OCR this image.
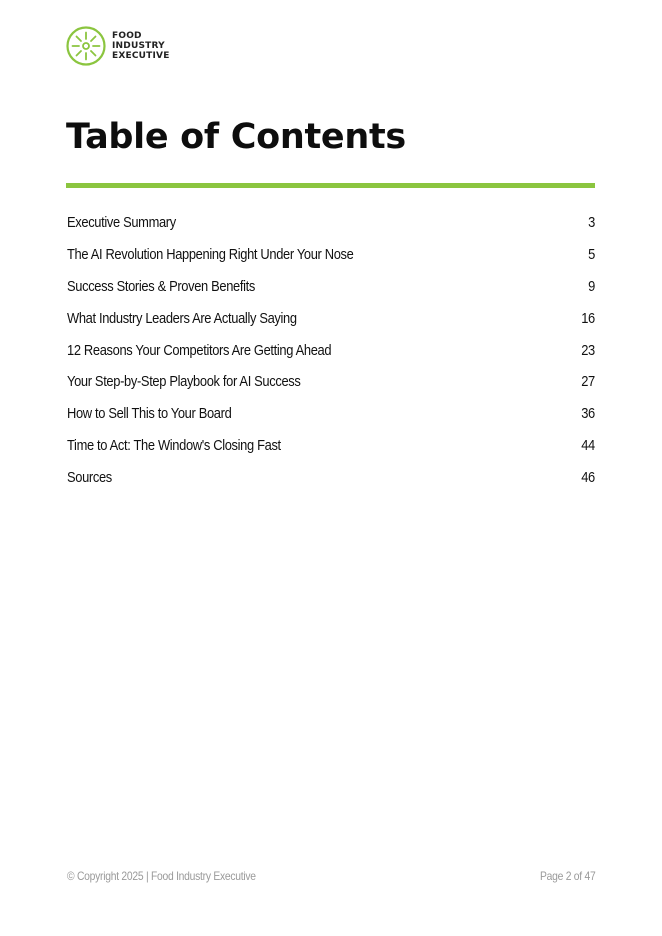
FOOD
INDUSTRY
EXECUTIVE
Table of Contents
Executive Summary	3
The AI Revolution Happening Right Under Your Nose	5
Success Stories & Proven Benefits	9
What Industry Leaders Are Actually Saying	16
12 Reasons Your Competitors Are Getting Ahead	23
Your Step-by-Step Playbook for AI Success	27
How to Sell This to Your Board	36
Time to Act: The Window's Closing Fast	44
Sources	46
© Copyright 2025 | Food Industry Executive	Page 2 of 47
